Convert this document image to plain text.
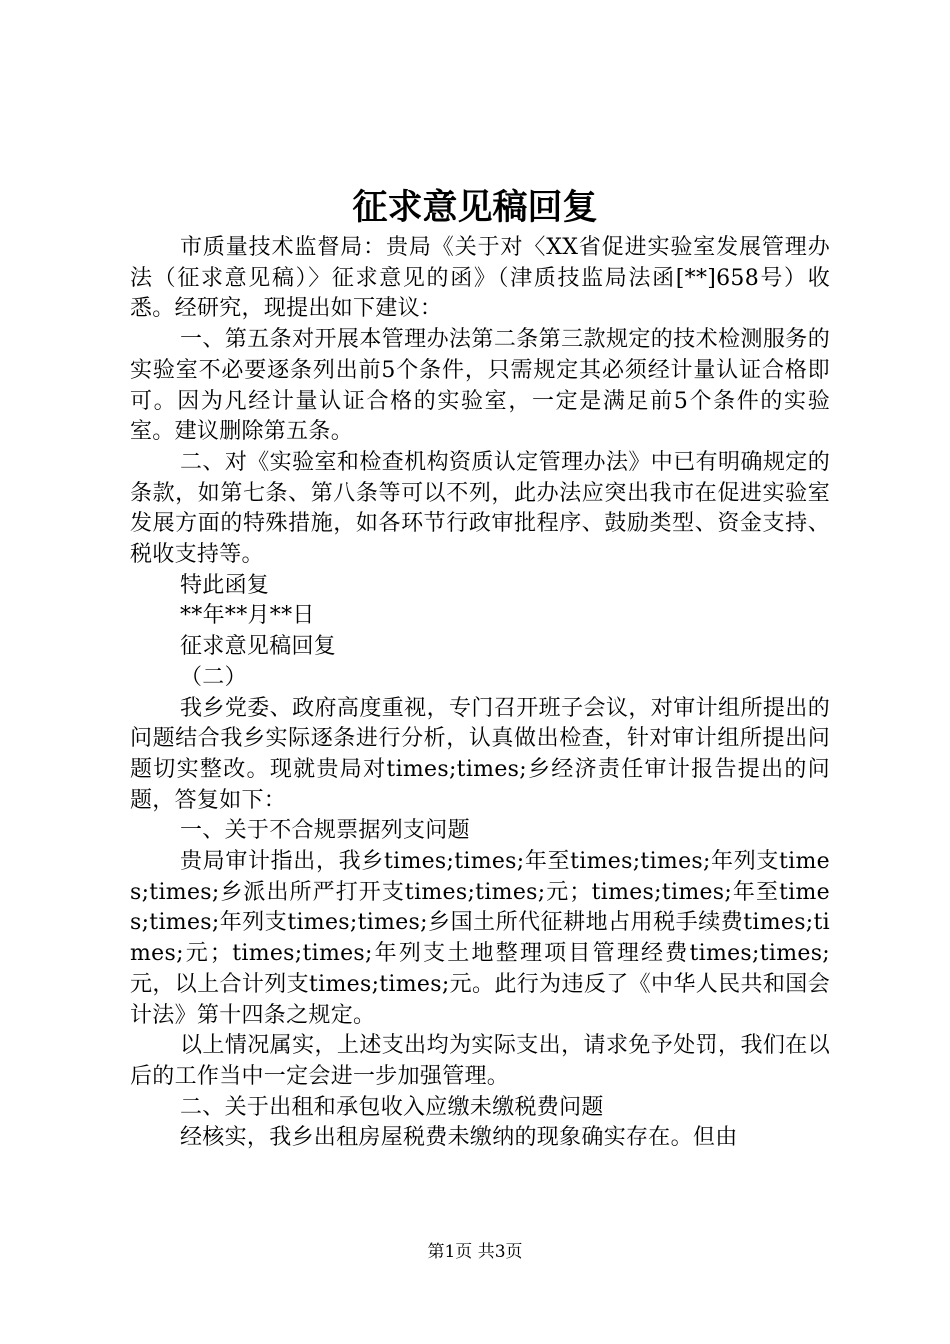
征求意见稿回复

市质量技术监督局：贵局《关于对〈XX省促进实验室发展管理办法（征求意见稿）〉征求意见的函》（津质技监局法函[**]658号）收悉。经研究，现提出如下建议：

一、第五条对开展本管理办法第二条第三款规定的技术检测服务的实验室不必要逐条列出前5个条件，只需规定其必须经计量认证合格即可。因为凡经计量认证合格的实验室，一定是满足前5个条件的实验室。建议删除第五条。

二、对《实验室和检查机构资质认定管理办法》中已有明确规定的条款，如第七条、第八条等可以不列，此办法应突出我市在促进实验室发展方面的特殊措施，如各环节行政审批程序、鼓励类型、资金支持、税收支持等。

特此函复

**年**月**日

征求意见稿回复

（二）

我乡党委、政府高度重视，专门召开班子会议，对审计组所提出的问题结合我乡实际逐条进行分析，认真做出检查，针对审计组所提出问题切实整改。现就贵局对times;times;乡经济责任审计报告提出的问题，答复如下：

一、关于不合规票据列支问题

贵局审计指出，我乡times;times;年至times;times;年列支times;times;乡派出所严打开支times;times;元；times;times;年至times;times;年列支times;times;乡国土所代征耕地占用税手续费times;times;元；times;times;年列支土地整理项目管理经费times;times;元，以上合计列支times;times;元。此行为违反了《中华人民共和国会计法》第十四条之规定。

以上情况属实，上述支出均为实际支出，请求免予处罚，我们在以后的工作当中一定会进一步加强管理。

二、关于出租和承包收入应缴未缴税费问题

经核实，我乡出租房屋税费未缴纳的现象确实存在。但由

第1页 共3页
